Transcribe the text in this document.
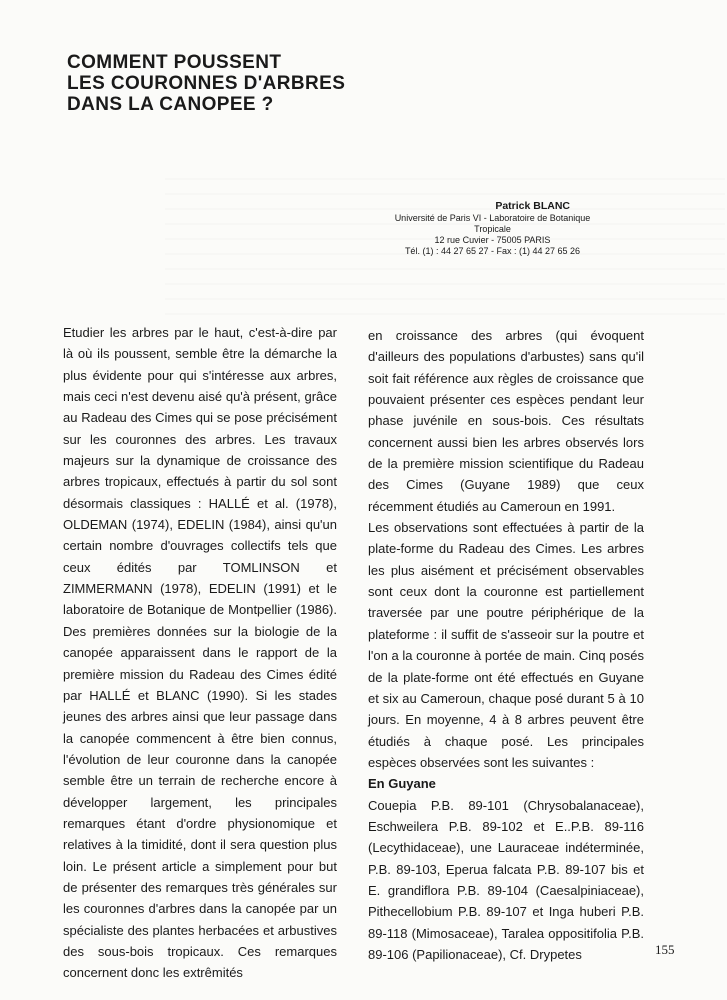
COMMENT POUSSENT
LES COURONNES D'ARBRES
DANS LA CANOPEE ?
Patrick BLANC
Université de Paris VI - Laboratoire de Botanique Tropicale
12 rue Cuvier - 75005 PARIS
Tél. (1) : 44 27 65 27 - Fax : (1) 44 27 65 26

Etudier les arbres par le haut, c'est-à-dire par là où ils poussent, semble être la démarche la plus évidente pour qui s'intéresse aux arbres, mais ceci n'est devenu aisé qu'à présent, grâce au Radeau des Cimes qui se pose précisément sur les couronnes des arbres. Les travaux majeurs sur la dynamique de croissance des arbres tropicaux, effectués à partir du sol sont désormais classiques : HALLÉ et al. (1978), OLDEMAN (1974), EDELIN (1984), ainsi qu'un certain nombre d'ouvrages collectifs tels que ceux édités par TOMLINSON et ZIMMERMANN (1978), EDELIN (1991) et le laboratoire de Botanique de Montpellier (1986). Des premières données sur la biologie de la canopée apparaissent dans le rapport de la première mission du Radeau des Cimes édité par HALLÉ et BLANC (1990). Si les stades jeunes des arbres ainsi que leur passage dans la canopée commencent à être bien connus, l'évolution de leur couronne dans la canopée semble être un terrain de recherche encore à développer largement, les principales remarques étant d'ordre physionomique et relatives à la timidité, dont il sera question plus loin. Le présent article a simplement pour but de présenter des remarques très générales sur les couronnes d'arbres dans la canopée par un spécialiste des plantes herbacées et arbustives des sous-bois tropicaux. Ces remarques concernent donc les extrêmités

en croissance des arbres (qui évoquent d'ailleurs des populations d'arbustes) sans qu'il soit fait référence aux règles de croissance que pouvaient présenter ces espèces pendant leur phase juvénile en sous-bois. Ces résultats concernent aussi bien les arbres observés lors de la première mission scientifique du Radeau des Cimes (Guyane 1989) que ceux récemment étudiés au Cameroun en 1991.

Les observations sont effectuées à partir de la plate-forme du Radeau des Cimes. Les arbres les plus aisément et précisément observables sont ceux dont la couronne est partiellement traversée par une poutre périphérique de la plateforme : il suffit de s'asseoir sur la poutre et l'on a la couronne à portée de main. Cinq posés de la plate-forme ont été effectués en Guyane et six au Cameroun, chaque posé durant 5 à 10 jours. En moyenne, 4 à 8 arbres peuvent être étudiés à chaque posé. Les principales espèces observées sont les suivantes :

En Guyane

Couepia P.B. 89-101 (Chrysobalanaceae), Eschweilera P.B. 89-102 et E..P.B. 89-116 (Lecythidaceae), une Lauraceae indéterminée, P.B. 89-103, Eperua falcata P.B. 89-107 bis et E. grandiflora P.B. 89-104 (Caesalpiniaceae), Pithecellobium P.B. 89-107 et Inga huberi P.B. 89-118 (Mimosaceae), Taralea oppositifolia P.B. 89-106 (Papilionaceae), Cf. Drypetes	155
